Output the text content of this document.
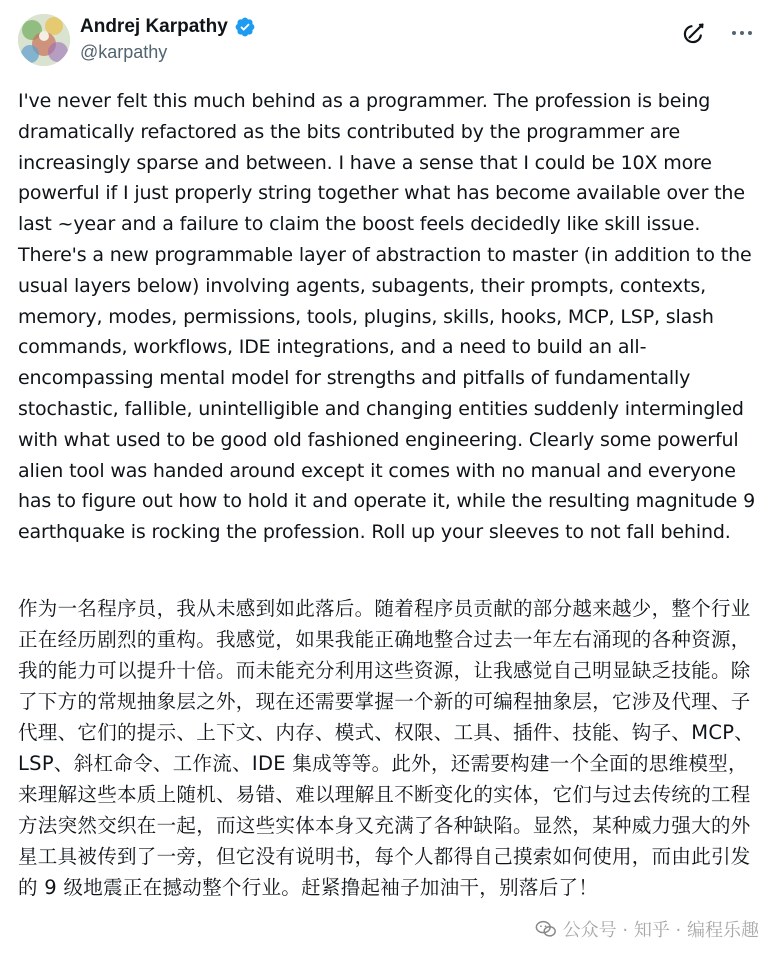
Andrej Karpathy
@karpathy

I've never felt this much behind as a programmer. The profession is being dramatically refactored as the bits contributed by the programmer are increasingly sparse and between. I have a sense that I could be 10X more powerful if I just properly string together what has become available over the last ~year and a failure to claim the boost feels decidedly like skill issue. There's a new programmable layer of abstraction to master (in addition to the usual layers below) involving agents, subagents, their prompts, contexts, memory, modes, permissions, tools, plugins, skills, hooks, MCP, LSP, slash commands, workflows, IDE integrations, and a need to build an all-encompassing mental model for strengths and pitfalls of fundamentally stochastic, fallible, unintelligible and changing entities suddenly intermingled with what used to be good old fashioned engineering. Clearly some powerful alien tool was handed around except it comes with no manual and everyone has to figure out how to hold it and operate it, while the resulting magnitude 9 earthquake is rocking the profession. Roll up your sleeves to not fall behind.

作为一名程序员，我从未感到如此落后。随着程序员贡献的部分越来越少，整个行业正在经历剧烈的重构。我感觉，如果我能正确地整合过去一年左右涌现的各种资源，我的能力可以提升十倍。而未能充分利用这些资源，让我感觉自己明显缺乏技能。除了下方的常规抽象层之外，现在还需要掌握一个新的可编程抽象层，它涉及代理、子代理、它们的提示、上下文、内存、模式、权限、工具、插件、技能、钩子、MCP、LSP、斜杠命令、工作流、IDE 集成等等。此外，还需要构建一个全面的思维模型，来理解这些本质上随机、易错、难以理解且不断变化的实体，它们与过去传统的工程方法突然交织在一起，而这些实体本身又充满了各种缺陷。显然，某种威力强大的外星工具被传到了一旁，但它没有说明书，每个人都得自己摸索如何使用，而由此引发的 9 级地震正在撼动整个行业。赶紧撸起袖子加油干，别落后了！

公众号 · 知乎 · 编程乐趣
